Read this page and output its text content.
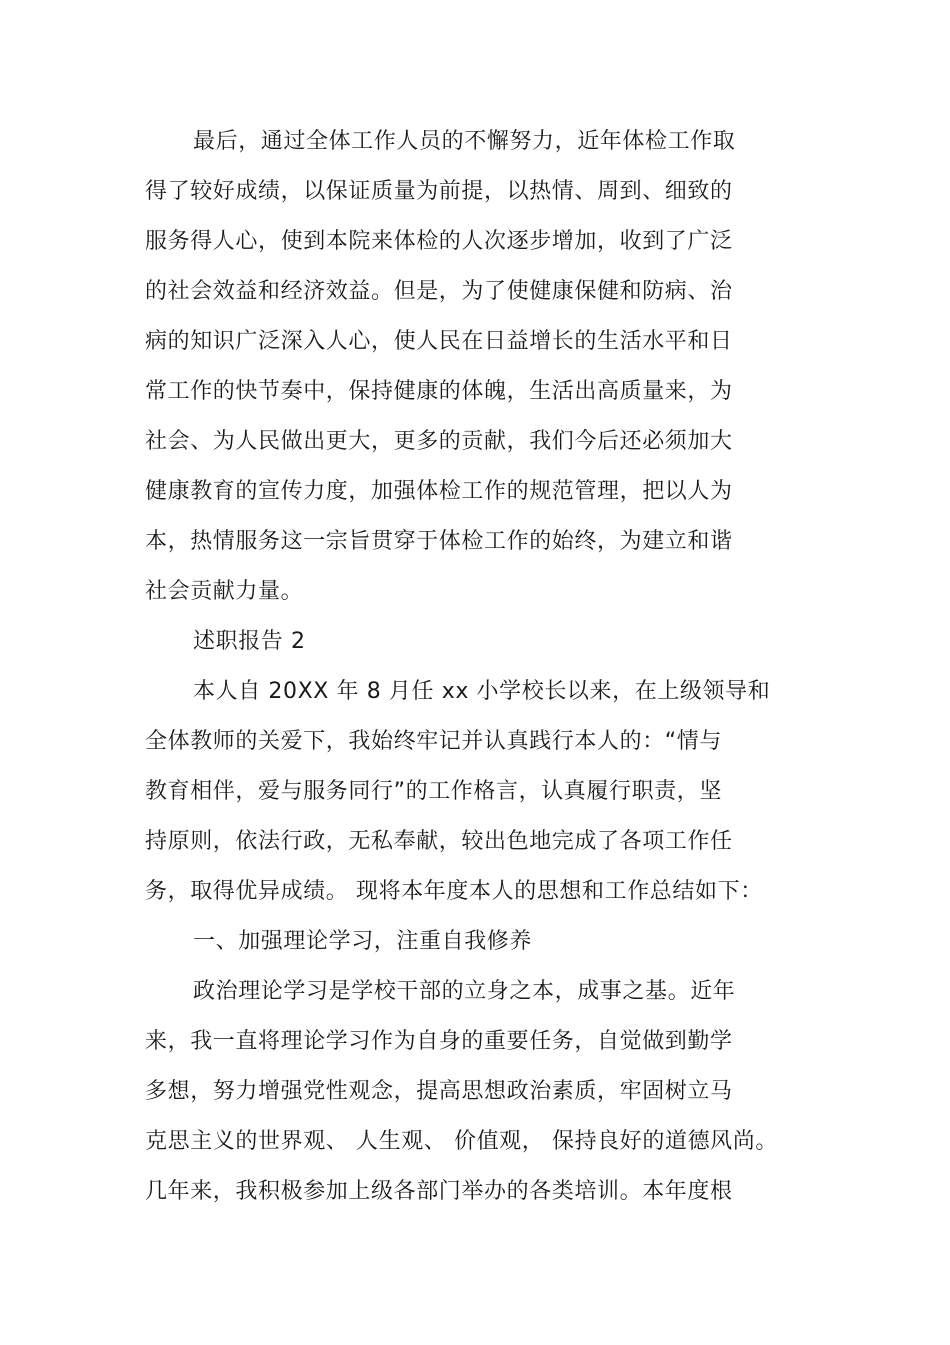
最后，通过全体工作人员的不懈努力，近年体检工作取
得了较好成绩，以保证质量为前提，以热情、周到、细致的
服务得人心，使到本院来体检的人次逐步增加，收到了广泛
的社会效益和经济效益。但是，为了使健康保健和防病、治
病的知识广泛深入人心，使人民在日益增长的生活水平和日
常工作的快节奏中，保持健康的体魄，生活出高质量来，为
社会、为人民做出更大，更多的贡献，我们今后还必须加大
健康教育的宣传力度，加强体检工作的规范管理，把以人为
本，热情服务这一宗旨贯穿于体检工作的始终，为建立和谐
社会贡献力量。
述职报告 2
本人自 20XX 年 8 月任 xx 小学校长以来，在上级领导和
全体教师的关爱下，我始终牢记并认真践行本人的：“情与
教育相伴，爱与服务同行”的工作格言，认真履行职责，坚
持原则，依法行政，无私奉献，较出色地完成了各项工作任
务，取得优异成绩。 现将本年度本人的思想和工作总结如下：
一、加强理论学习，注重自我修养
政治理论学习是学校干部的立身之本，成事之基。近年
来，我一直将理论学习作为自身的重要任务，自觉做到勤学
多想，努力增强党性观念，提高思想政治素质，牢固树立马
克思主义的世界观、 人生观、 价值观， 保持良好的道德风尚。
几年来，我积极参加上级各部门举办的各类培训。本年度根
